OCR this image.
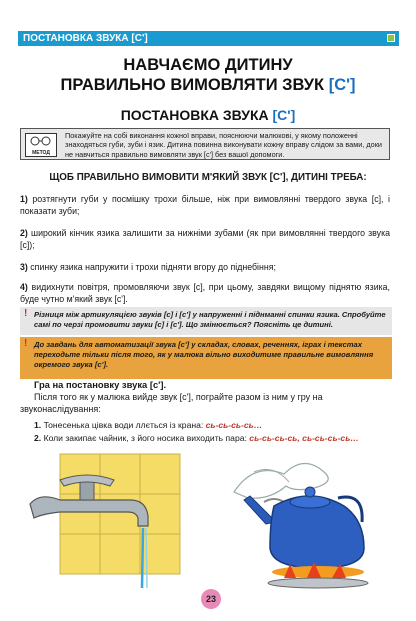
ПОСТАНОВКА ЗВУКА [С']
НАВЧАЄМО ДИТИНУ
ПРАВИЛЬНО ВИМОВЛЯТИ ЗВУК [С']
ПОСТАНОВКА ЗВУКА [С']
МЕТОД
Покажуйте на собі виконання кожної вправи, пояснюючи малюкові, у якому положенні знаходяться губи, зуби і язик. Дитина повинна виконувати кожну вправу слідом за вами, доки не навчиться правильно вимовляти звук [с'] без вашої допомоги.
ЩОБ ПРАВИЛЬНО ВИМОВИТИ М'ЯКИЙ ЗВУК [С'], ДИТИНІ ТРЕБА:
1) розтягнути губи у посмішку трохи більше, ніж при вимовлянні твердого звука [с], і показати зуби;
2) широкий кінчик язика залишити за нижніми зубами (як при вимовлянні твердого звука [с]);
3) спинку язика напружити і трохи підняти вгору до піднебіння;
4) видихнути повітря, промовляючи звук [с], при цьому, завдяки вищому піднятю язика, буде чутно м'який звук [с'].
! Різниця між артикуляцією звуків [с] і [с'] у напруженні і піднманні спинки язика. Спробуйте самі по черзі промовити звуки [с] і [с']. Що змінюється? Поясніть це дитині.
! До завдань для автоматизації звука [с'] у складах, словах, реченнях, іграх і текстах переходьте тільки після того, як у малюка вільно виходитиме правильне вимовляння окремого звука [с'].
Гра на постановку звука [с'].
Після того як у малюка вийде звук [с'], пограйте разом із ним у гру на звуконаслідування:
1. Тонесенька цівка води ллється із крана: сь-сь-сь-сь…
2. Коли закипає чайник, з його носика виходить пара: сь-сь-сь-сь, сь-сь-сь-сь…
23
